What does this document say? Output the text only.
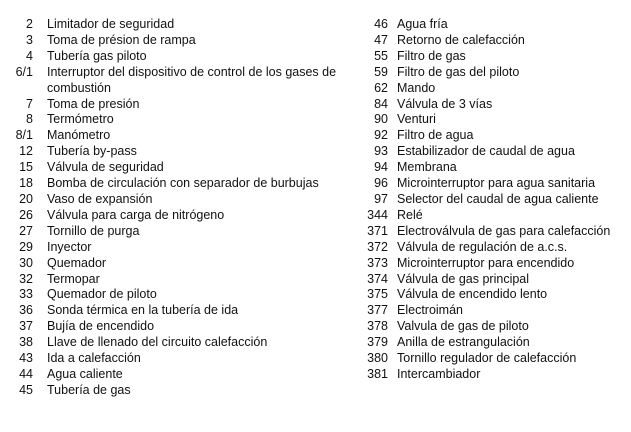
2 Limitador de seguridad
3 Toma de présion de rampa
4 Tubería gas piloto
6/1 Interruptor del dispositivo de control de los gases de combustión
7 Toma de presión
8 Termómetro
8/1 Manómetro
12 Tubería by-pass
15 Válvula de seguridad
18 Bomba de circulación con separador de burbujas
20 Vaso de expansión
26 Válvula para carga de nitrógeno
27 Tornillo de purga
29 Inyector
30 Quemador
32 Termopar
33 Quemador de piloto
36 Sonda térmica en la tubería de ida
37 Bujía de encendido
38 Llave de llenado del circuito calefacción
43 Ida a calefacción
44 Agua caliente
45 Tubería de gas
46 Agua fría
47 Retorno de calefacción
55 Filtro de gas
59 Filtro de gas del piloto
62 Mando
84 Válvula de 3 vías
90 Venturi
92 Filtro de agua
93 Estabilizador de caudal de agua
94 Membrana
96 Microinterruptor para agua sanitaria
97 Selector del caudal de agua caliente
344 Relé
371 Electroválvula de gas para calefacción
372 Válvula de regulación de a.c.s.
373 Microinterruptor para encendido
374 Válvula de gas principal
375 Válvula de encendido lento
377 Electroimán
378 Valvula de gas de piloto
379 Anilla de estrangulación
380 Tornillo regulador de calefacción
381 Intercambiador
